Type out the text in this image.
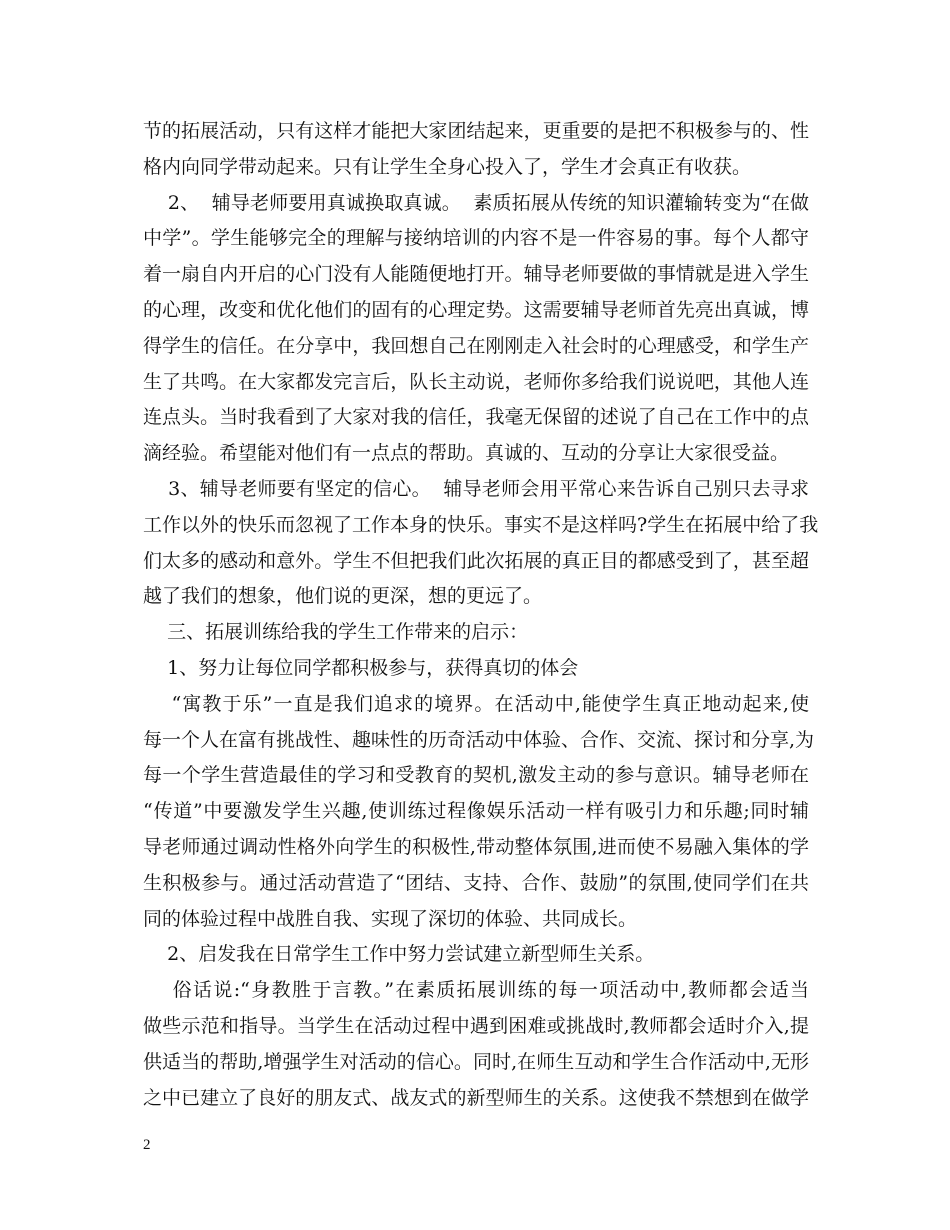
节的拓展活动，只有这样才能把大家团结起来，更重要的是把不积极参与的、性
格内向同学带动起来。只有让学生全身心投入了，学生才会真正有收获。
2、  辅导老师要用真诚换取真诚。  素质拓展从传统的知识灌输转变为“在做
中学”。学生能够完全的理解与接纳培训的内容不是一件容易的事。每个人都守
着一扇自内开启的心门没有人能随便地打开。辅导老师要做的事情就是进入学生
的心理，改变和优化他们的固有的心理定势。这需要辅导老师首先亮出真诚，博
得学生的信任。在分享中，我回想自己在刚刚走入社会时的心理感受，和学生产
生了共鸣。在大家都发完言后，队长主动说，老师你多给我们说说吧，其他人连
连点头。当时我看到了大家对我的信任，我毫无保留的述说了自己在工作中的点
滴经验。希望能对他们有一点点的帮助。真诚的、互动的分享让大家很受益。
3、辅导老师要有坚定的信心。  辅导老师会用平常心来告诉自己别只去寻求
工作以外的快乐而忽视了工作本身的快乐。事实不是这样吗?学生在拓展中给了我
们太多的感动和意外。学生不但把我们此次拓展的真正目的都感受到了，甚至超
越了我们的想象，他们说的更深，想的更远了。
三、拓展训练给我的学生工作带来的启示：
1、努力让每位同学都积极参与，获得真切的体会
“寓教于乐”一直是我们追求的境界。在活动中,能使学生真正地动起来,使
每一个人在富有挑战性、趣味性的历奇活动中体验、合作、交流、探讨和分享,为
每一个学生营造最佳的学习和受教育的契机,激发主动的参与意识。辅导老师在
“传道”中要激发学生兴趣,使训练过程像娱乐活动一样有吸引力和乐趣;同时辅
导老师通过调动性格外向学生的积极性,带动整体氛围,进而使不易融入集体的学
生积极参与。通过活动营造了“团结、支持、合作、鼓励”的氛围,使同学们在共
同的体验过程中战胜自我、实现了深切的体验、共同成长。
2、启发我在日常学生工作中努力尝试建立新型师生关系。
俗话说:“身教胜于言教。”在素质拓展训练的每一项活动中,教师都会适当
做些示范和指导。当学生在活动过程中遇到困难或挑战时,教师都会适时介入,提
供适当的帮助,增强学生对活动的信心。同时,在师生互动和学生合作活动中,无形
之中已建立了良好的朋友式、战友式的新型师生的关系。这使我不禁想到在做学
2
